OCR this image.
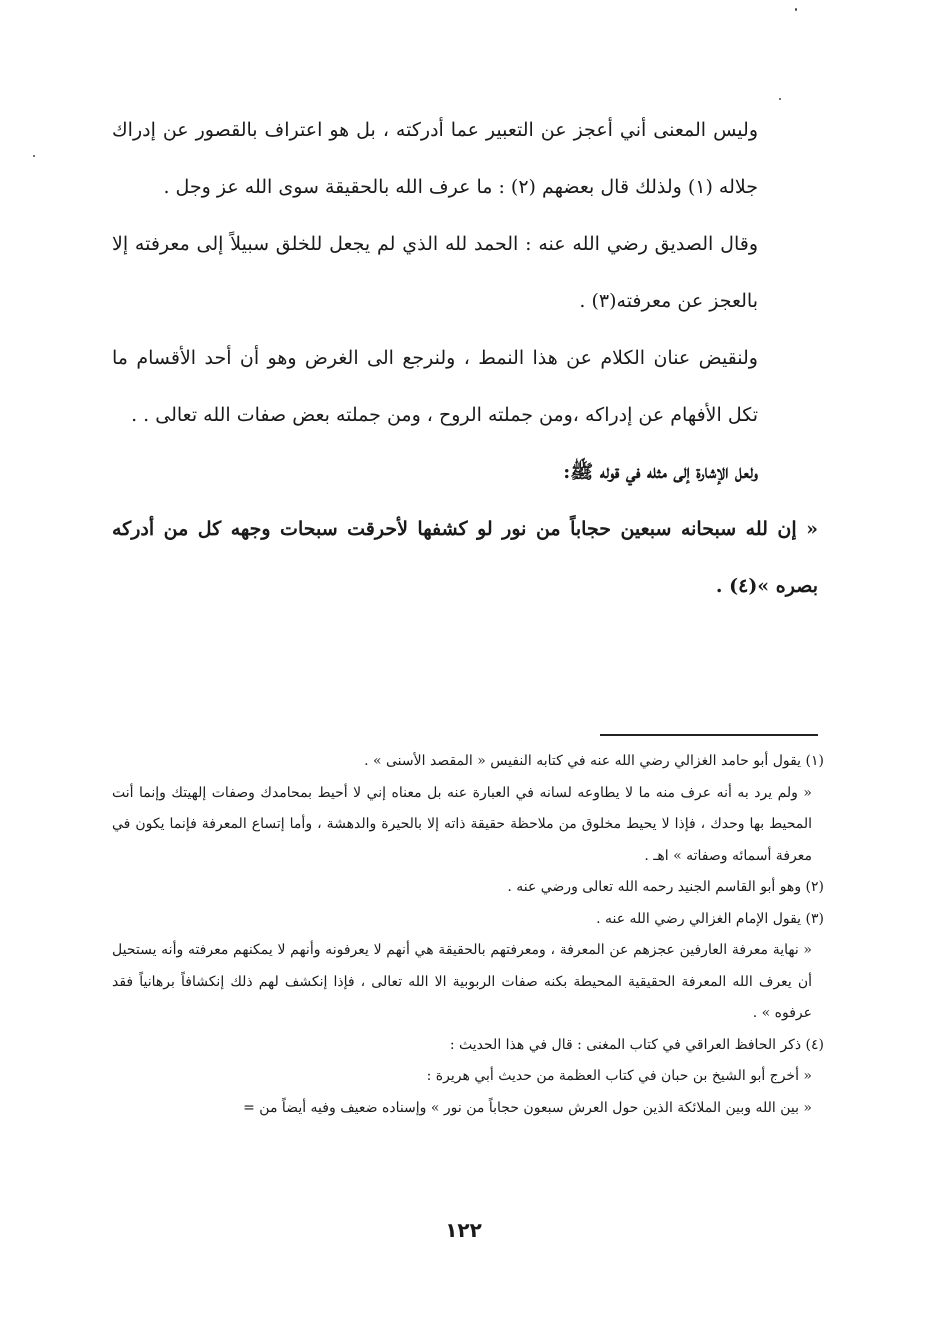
وليس المعنى أني أعجز عن التعبير عما أدركته ، بل هو اعتراف بالقصور عن إدراك جلاله (١) ولذلك قال بعضهم (٢) : ما عرف الله بالحقيقة سوى الله عز وجل .

وقال الصديق رضي الله عنه : الحمد لله الذي لم يجعل للخلق سبيلاً إلى معرفته إلا بالعجز عن معرفته(٣) .

ولنقيض عنان الكلام عن هذا النمط ، ولنرجع الى الغرض وهو أن أحد الأقسام ما تكل الأفهام عن إدراكه ،ومن جملته الروح ، ومن جملته بعض صفات الله تعالى . .

ولعل الإشارة إلى مثله في قوله ﷺ:

« إن لله سبحانه سبعين حجاباً من نور لو كشفها لأحرقت سبحات وجهه كل من أدركه بصره »(٤) .

(١) يقول أبو حامد الغزالي رضي الله عنه في كتابه النفيس « المقصد الأسنى » .

« ولم يرد به أنه عرف منه ما لا يطاوعه لسانه في العبارة عنه بل معناه إني لا أحيط بمحامدك وصفات إلهيتك وإنما أنت المحيط بها وحدك ، فإذا لا يحيط مخلوق من ملاحظة حقيقة ذاته إلا بالحيرة والدهشة ، وأما إتساع المعرفة فإنما يكون في معرفة أسمائه وصفاته » اهـ .

(٢) وهو أبو القاسم الجنيد رحمه الله تعالى ورضي عنه .

(٣) يقول الإمام الغزالي رضي الله عنه .

« نهاية معرفة العارفين عجزهم عن المعرفة ، ومعرفتهم بالحقيقة هي أنهم لا يعرفونه وأنهم لا يمكنهم معرفته وأنه يستحيل أن يعرف الله المعرفة الحقيقية المحيطة بكنه صفات الربوبية الا الله تعالى ، فإذا إنكشف لهم ذلك إنكشافاً برهانياً فقد عرفوه » .

(٤) ذكر الحافظ العراقي في كتاب المغنى : قال في هذا الحديث :

« أخرج أبو الشيخ بن حبان في كتاب العظمة من حديث أبي هريرة :

« بين الله وبين الملائكة الذين حول العرش سبعون حجاباً من نور » وإسناده ضعيف وفيه أيضاً من =

١٢٢
